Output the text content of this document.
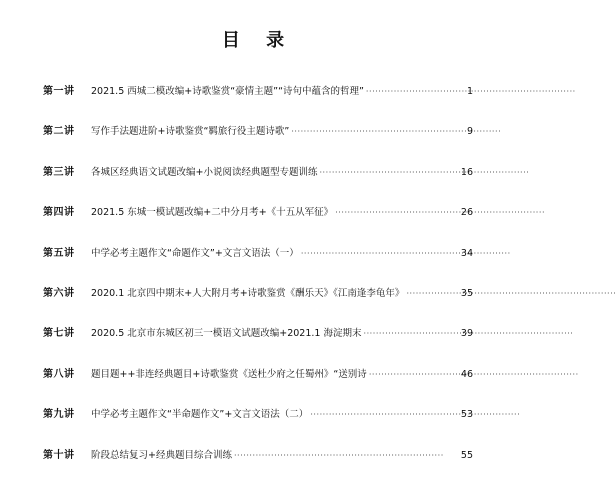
目 录
第一讲	2021.5 西城二模改编+诗歌鉴赏“豪情主题”“诗句中蕴含的哲理” · · ·	1
第二讲	写作手法题进阶+诗歌鉴赏“羁旅行役主题诗歌” · · ·	9
第三讲	各城区经典语文试题改编+小说阅读经典题型专题训练 · · ·	16
第四讲	2021.5 东城一模试题改编+二中分月考+《十五从军征》 · · ·	26
第五讲	中学必考主题作文“命题作文”+文言文语法（一） · · ·	34
第六讲	2020.1 北京四中期末+人大附月考+诗歌鉴赏《酬乐天》《江南逢李龟年》 · · ·	35
第七讲	2020.5 北京市东城区初三一模语文试题改编+2021.1 海淀期末 · · ·	39
第八讲	题目题++非连经典题目+诗歌鉴赏《送杜少府之任蜀州》“送别诗 · · ·	46
第九讲	中学必考主题作文“半命题作文”+文言文语法（二） · · ·	53
第十讲	阶段总结复习+经典题目综合训练 · · ·	55
